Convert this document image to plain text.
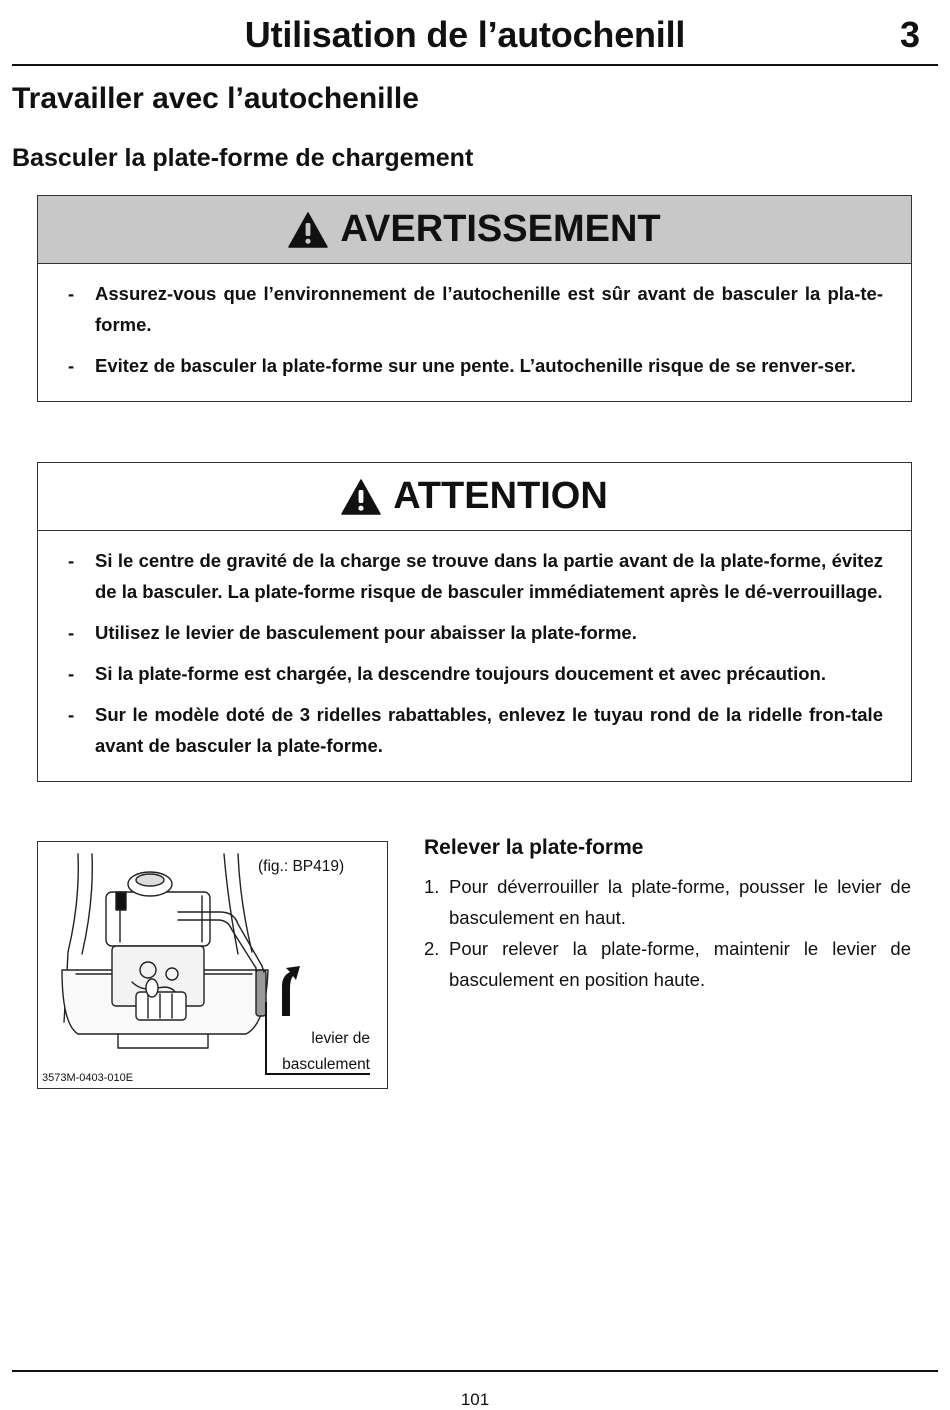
Utilisation de l’autochenill	3
Travailler avec l’autochenille
Basculer la plate-forme de chargement
AVERTISSEMENT
- Assurez-vous que l’environnement de l’autochenille est sûr avant de basculer la pla-te-forme.
- Evitez de basculer la plate-forme sur une pente. L’autochenille risque de se renver-ser.
ATTENTION
- Si le centre de gravité de la charge se trouve dans la partie avant de la plate-forme, évitez de la basculer. La plate-forme risque de basculer immédiatement après le dé-verrouillage.
- Utilisez le levier de basculement pour abaisser la plate-forme.
- Si la plate-forme est chargée, la descendre toujours doucement et avec précaution.
- Sur le modèle doté de 3 ridelles rabattables, enlevez le tuyau rond de la ridelle fron-tale avant de basculer la plate-forme.
(fig.: BP419)
levier de
basculement
3573M-0403-010E
Relever la plate-forme
1. Pour déverrouiller la plate-forme, pousser le levier de basculement en haut.
2. Pour relever la plate-forme, maintenir le levier de basculement en position haute.
101
